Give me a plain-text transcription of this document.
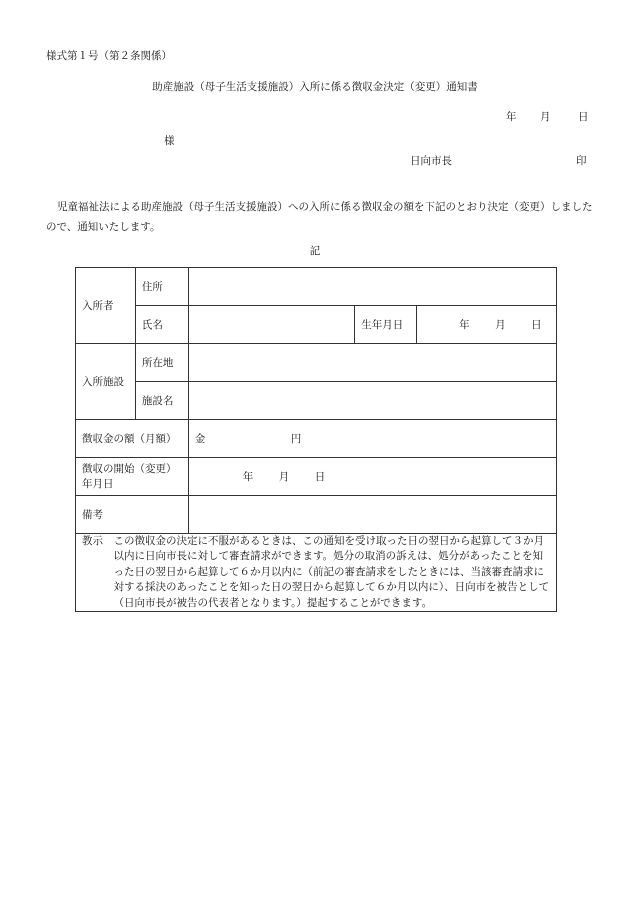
様式第１号（第２条関係）
助産施設（母子生活支援施設）入所に係る徴収金決定（変更）通知書
年 月	日
様
日向市長	印
児童福祉法による助産施設（母子生活支援施設）への入所に係る徴収金の額を下記のとおり決定（変更）しましたので、通知いたします。
記
入所者	住所			
	氏名		生年月日	年 月 日
入所施設	所在地			
	施設名			
徴収金の額（月額）		金 円		
徴収の開始（変更）年月日		年 月 日		
備考				

教示　この徴収金の決定に不服があるときは、この通知を受け取った日の翌日から起算して３か月以内に日向市長に対して審査請求ができます。処分の取消の訴えは、処分があったことを知った日の翌日から起算して６か月以内に（前記の審査請求をしたときには、当該審査請求に対する採決のあったことを知った日の翌日から起算して６か月以内に）、日向市を被告として（日向市長が被告の代表者となります。）提起することができます。				
